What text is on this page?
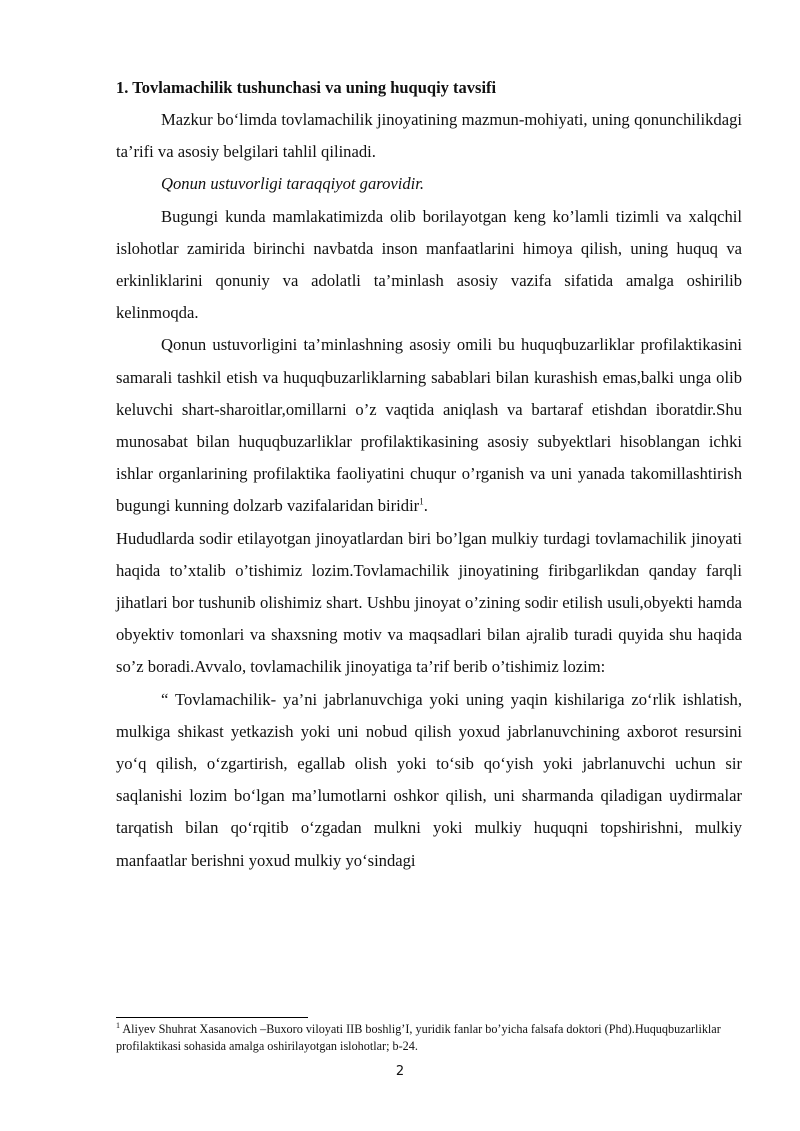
1. Tovlamachilik tushunchasi va uning huquqiy tavsifi

Mazkur bo‘limda tovlamachilik jinoyatining mazmun-mohiyati, uning qonunchilikdagi ta’rifi va asosiy belgilari tahlil qilinadi.

Qonun ustuvorligi taraqqiyot garovidir.

Bugungi kunda mamlakatimizda olib borilayotgan keng ko’lamli tizimli va xalqchil islohotlar zamirida birinchi navbatda inson manfaatlarini himoya qilish, uning huquq va erkinliklarini qonuniy va adolatli ta’minlash asosiy vazifa sifatida amalga oshirilib kelinmoqda.

Qonun ustuvorligini ta’minlashning asosiy omili bu huquqbuzarliklar profilaktikasini samarali tashkil etish va huquqbuzarliklarning sabablari bilan kurashish emas,balki unga olib keluvchi shart-sharoitlar,omillarni o’z vaqtida aniqlash va bartaraf etishdan iboratdir.Shu munosabat bilan huquqbuzarliklar profilaktikasining asosiy subyektlari hisoblangan ichki ishlar organlarining profilaktika faoliyatini chuqur o’rganish va uni yanada takomillashtirish bugungi kunning dolzarb vazifalaridan biridir$^1$.

Hududlarda sodir etilayotgan jinoyatlardan biri bo’lgan mulkiy turdagi tovlamachilik jinoyati haqida to’xtalib o’tishimiz lozim.Tovlamachilik jinoyatining firibgarlikdan qanday farqli jihatlari bor tushunib olishimiz shart. Ushbu jinoyat o’zining sodir etilish usuli,obyekti hamda obyektiv tomonlari va shaxsning motiv va maqsadlari bilan ajralib turadi quyida shu haqida so’z boradi.Avvalo, tovlamachilik jinoyatiga ta’rif berib o’tishimiz lozim:

“ Tovlamachilik- ya’ni jabrlanuvchiga yoki uning yaqin kishilariga zo‘rlik ishlatish, mulkiga shikast yetkazish yoki uni nobud qilish yoxud jabrlanuvchining axborot resursini yo‘q qilish, o‘zgartirish, egallab olish yoki to‘sib qo‘yish yoki jabrlanuvchi uchun sir saqlanishi lozim bo‘lgan ma’lumotlarni oshkor qilish, uni sharmanda qiladigan uydirmalar tarqatish bilan qo‘rqitib o‘zgadan mulkni yoki mulkiy huquqni topshirishni, mulkiy manfaatlar berishni yoxud mulkiy yo‘sindagi

$^1$ Aliyev Shuhrat Xasanovich –Buxoro viloyati IIB boshlig’I, yuridik fanlar bo’yicha falsafa doktori (Phd).Huquqbuzarliklar profilaktikasi sohasida amalga oshirilayotgan islohotlar; b-24.

2
